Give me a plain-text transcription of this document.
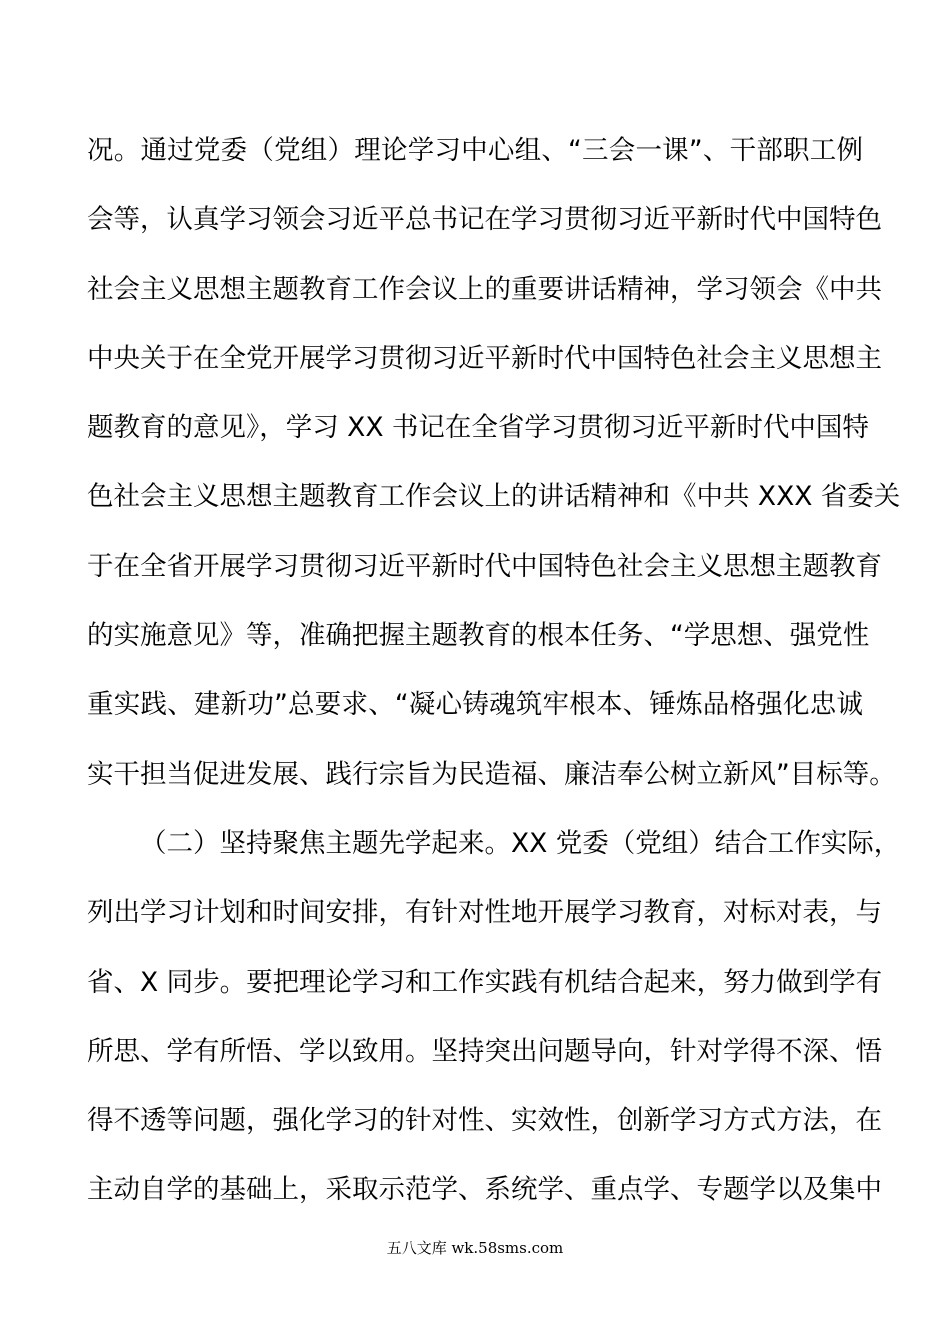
况。通过党委（党组）理论学习中心组、“三会一课”、干部职工例
会等，认真学习领会习近平总书记在学习贯彻习近平新时代中国特色
社会主义思想主题教育工作会议上的重要讲话精神，学习领会《中共
中央关于在全党开展学习贯彻习近平新时代中国特色社会主义思想主
题教育的意见》，学习 XX 书记在全省学习贯彻习近平新时代中国特
色社会主义思想主题教育工作会议上的讲话精神和《中共 XXX 省委关
于在全省开展学习贯彻习近平新时代中国特色社会主义思想主题教育
的实施意见》等，准确把握主题教育的根本任务、“学思想、强党性
重实践、建新功”总要求、“凝心铸魂筑牢根本、锤炼品格强化忠诚
实干担当促进发展、践行宗旨为民造福、廉洁奉公树立新风”目标等。
（二）坚持聚焦主题先学起来。XX 党委（党组）结合工作实际，
列出学习计划和时间安排，有针对性地开展学习教育，对标对表，与
省、X 同步。要把理论学习和工作实践有机结合起来，努力做到学有
所思、学有所悟、学以致用。坚持突出问题导向，针对学得不深、悟
得不透等问题，强化学习的针对性、实效性，创新学习方式方法，在
主动自学的基础上，采取示范学、系统学、重点学、专题学以及集中
五八文库 wk.58sms.com
